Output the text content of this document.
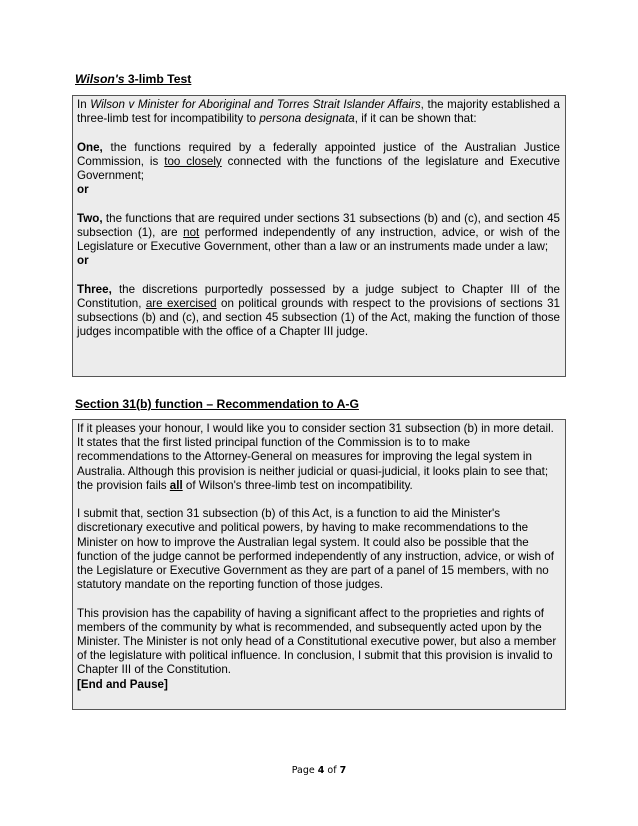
Wilson's 3-limb Test

In Wilson v Minister for Aboriginal and Torres Strait Islander Affairs, the majority established a three-limb test for incompatibility to persona designata, if it can be shown that:

One, the functions required by a federally appointed justice of the Australian Justice Commission, is too closely connected with the functions of the legislature and Executive Government;
or

Two, the functions that are required under sections 31 subsections (b) and (c), and section 45 subsection (1), are not performed independently of any instruction, advice, or wish of the Legislature or Executive Government, other than a law or an instruments made under a law;
or

Three, the discretions purportedly possessed by a judge subject to Chapter III of the Constitution, are exercised on political grounds with respect to the provisions of sections 31 subsections (b) and (c), and section 45 subsection (1) of the Act, making the function of those judges incompatible with the office of a Chapter III judge.

Section 31(b) function – Recommendation to A-G

If it pleases your honour, I would like you to consider section 31 subsection (b) in more detail. It states that the first listed principal function of the Commission is to to make recommendations to the Attorney-General on measures for improving the legal system in Australia. Although this provision is neither judicial or quasi-judicial, it looks plain to see that; the provision fails all of Wilson's three-limb test on incompatibility.

I submit that, section 31 subsection (b) of this Act, is a function to aid the Minister's discretionary executive and political powers, by having to make recommendations to the Minister on how to improve the Australian legal system. It could also be possible that the function of the judge cannot be performed independently of any instruction, advice, or wish of the Legislature or Executive Government as they are part of a panel of 15 members, with no statutory mandate on the reporting function of those judges.

This provision has the capability of having a significant affect to the proprieties and rights of members of the community by what is recommended, and subsequently acted upon by the Minister. The Minister is not only head of a Constitutional executive power, but also a member of the legislature with political influence. In conclusion, I submit that this provision is invalid to Chapter III of the Constitution.
[End and Pause]

Page 4 of 7
